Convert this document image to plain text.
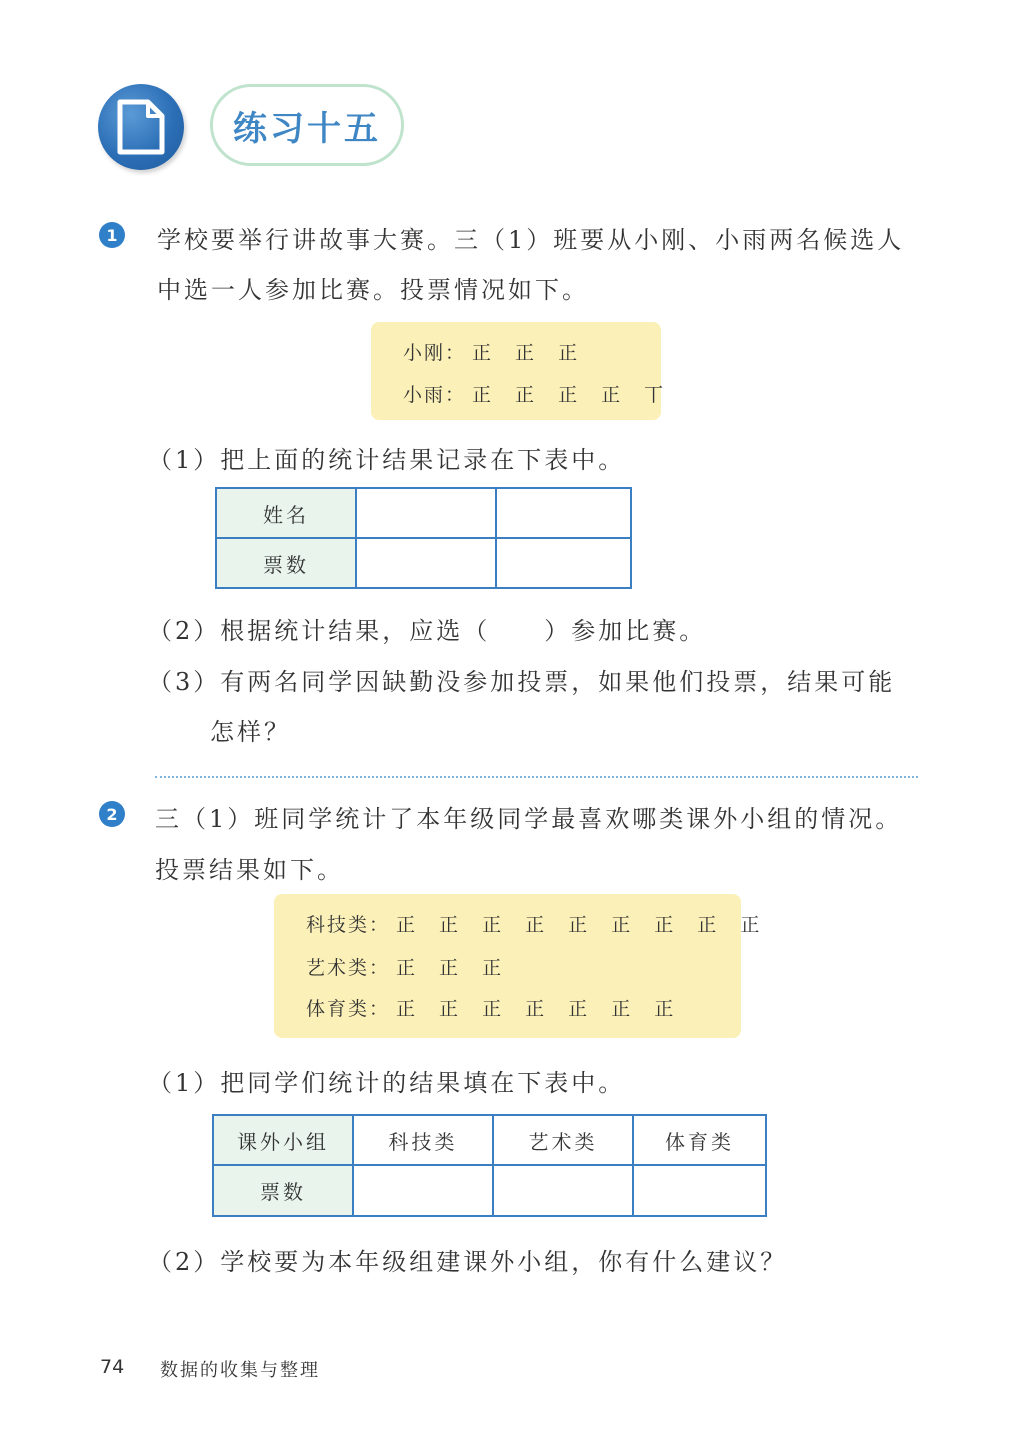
练习十五
1	学校要举行讲故事大赛。三（1）班要从小刚、小雨两名候选人
中选一人参加比赛。投票情况如下。
小刚： 正 正 正
小雨： 正 正 正 正 丅
（1）把上面的统计结果记录在下表中。
姓名		
票数		
（2）根据统计结果，应选（　　）参加比赛。
（3）有两名同学因缺勤没参加投票，如果他们投票，结果可能
怎样？
2	三（1）班同学统计了本年级同学最喜欢哪类课外小组的情况。
投票结果如下。
科技类： 正 正 正 正 正 正 正 正 正
艺术类： 正 正 正
体育类： 正 正 正 正 正 正 正
（1）把同学们统计的结果填在下表中。
课外小组	科技类	艺术类	体育类
票数			
（2）学校要为本年级组建课外小组，你有什么建议？
74 数据的收集与整理
